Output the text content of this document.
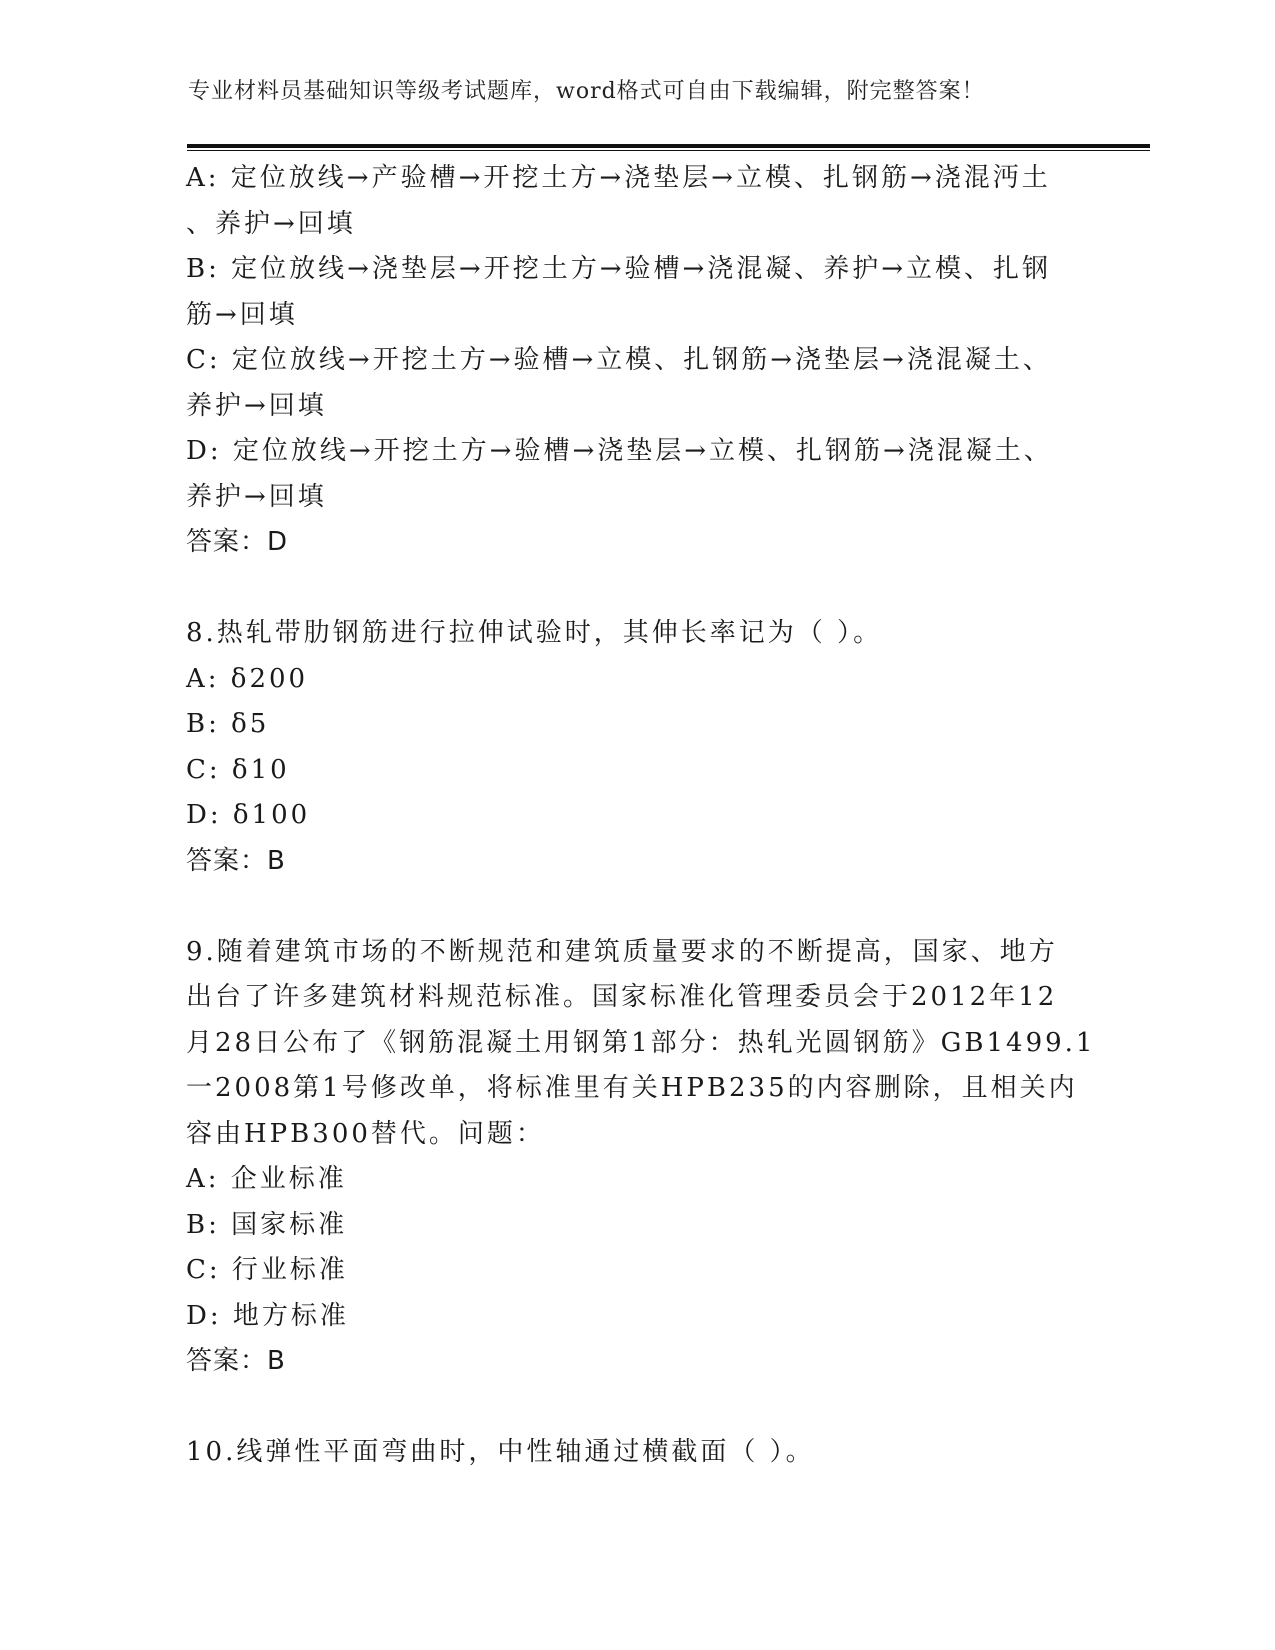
专业材料员基础知识等级考试题库，word格式可自由下载编辑，附完整答案！
A: 定位放线→产验槽→开挖土方→浇垫层→立模、扎钢筋→浇混沔土
、养护→回填
B: 定位放线→浇垫层→开挖土方→验槽→浇混凝、养护→立模、扎钢
筋→回填
C: 定位放线→开挖土方→验槽→立模、扎钢筋→浇垫层→浇混凝土、
养护→回填
D: 定位放线→开挖土方→验槽→浇垫层→立模、扎钢筋→浇混凝土、
养护→回填
答案：D
8.热轧带肋钢筋进行拉伸试验时，其伸长率记为（ ）。
A: δ200
B: δ5
C: δ10
D: δ100
答案：B
9.随着建筑市场的不断规范和建筑质量要求的不断提高，国家、地方
出台了许多建筑材料规范标准。国家标准化管理委员会于2012年12
月28日公布了《钢筋混凝土用钢第1部分：热轧光圆钢筋》GB1499.1
一2008第1号修改单，将标准里有关HPB235的内容删除，且相关内
容由HPB300替代。问题：
A: 企业标准
B: 国家标准
C: 行业标准
D: 地方标准
答案：B
10.线弹性平面弯曲时，中性轴通过横截面（ ）。
